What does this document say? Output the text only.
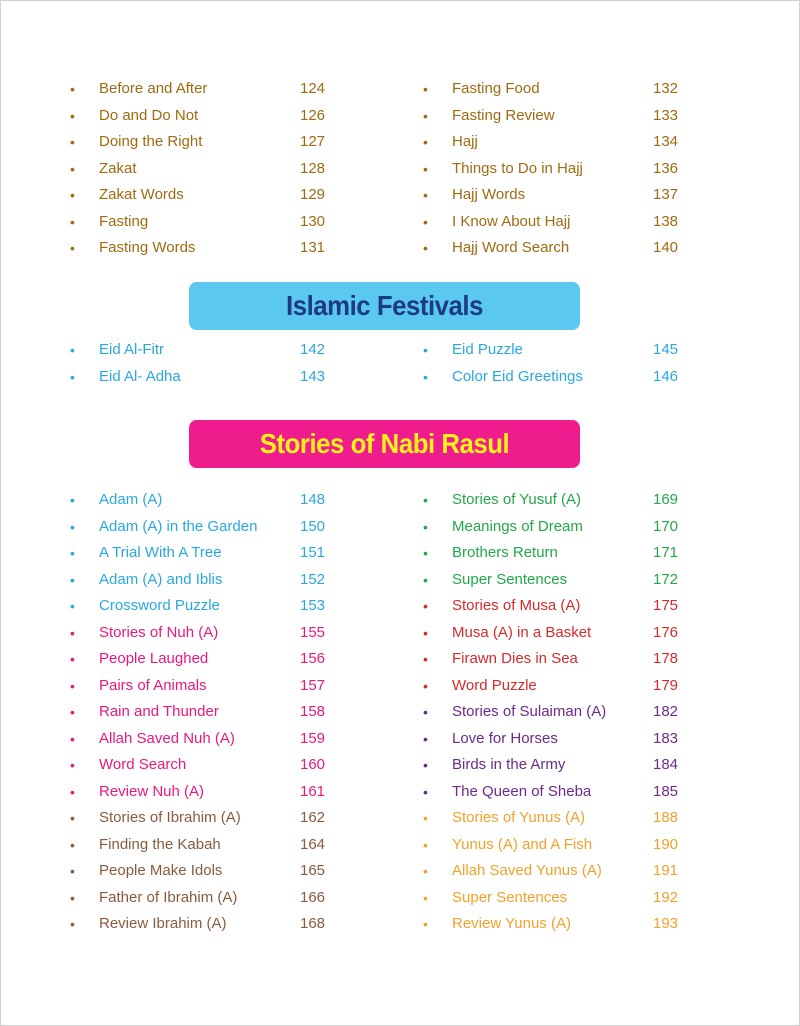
• Before and After	124
• Do and Do Not	126
• Doing the Right	127
• Zakat	128
• Zakat Words	129
• Fasting	130
• Fasting Words	131
• Fasting Food	132
• Fasting Review	133
• Hajj	134
• Things to Do in Hajj	136
• Hajj Words	137
• I Know About Hajj	138
• Hajj Word Search	140
Islamic Festivals
• Eid Al-Fitr	142
• Eid Al- Adha	143
• Eid Puzzle	145
• Color Eid Greetings	146
Stories of Nabi Rasul
• Adam (A)	148
• Adam (A) in the Garden	150
• A Trial With A Tree	151
• Adam (A) and Iblis	152
• Crossword Puzzle	153
• Stories of Nuh (A)	155
• People Laughed	156
• Pairs of Animals	157
• Rain and Thunder	158
• Allah Saved Nuh (A)	159
• Word Search	160
• Review Nuh (A)	161
• Stories of Ibrahim (A)	162
• Finding the Kabah	164
• People Make Idols	165
• Father of Ibrahim (A)	166
• Review Ibrahim (A)	168
• Stories of Yusuf (A)	169
• Meanings of Dream	170
• Brothers Return	171
• Super Sentences	172
• Stories of Musa (A)	175
• Musa (A) in a Basket	176
• Firawn Dies in Sea	178
• Word Puzzle	179
• Stories of Sulaiman (A)	182
• Love for Horses	183
• Birds in the Army	184
• The Queen of Sheba	185
• Stories of Yunus (A)	188
• Yunus (A) and A Fish	190
• Allah Saved Yunus (A)	191
• Super Sentences	192
• Review Yunus (A)	193
